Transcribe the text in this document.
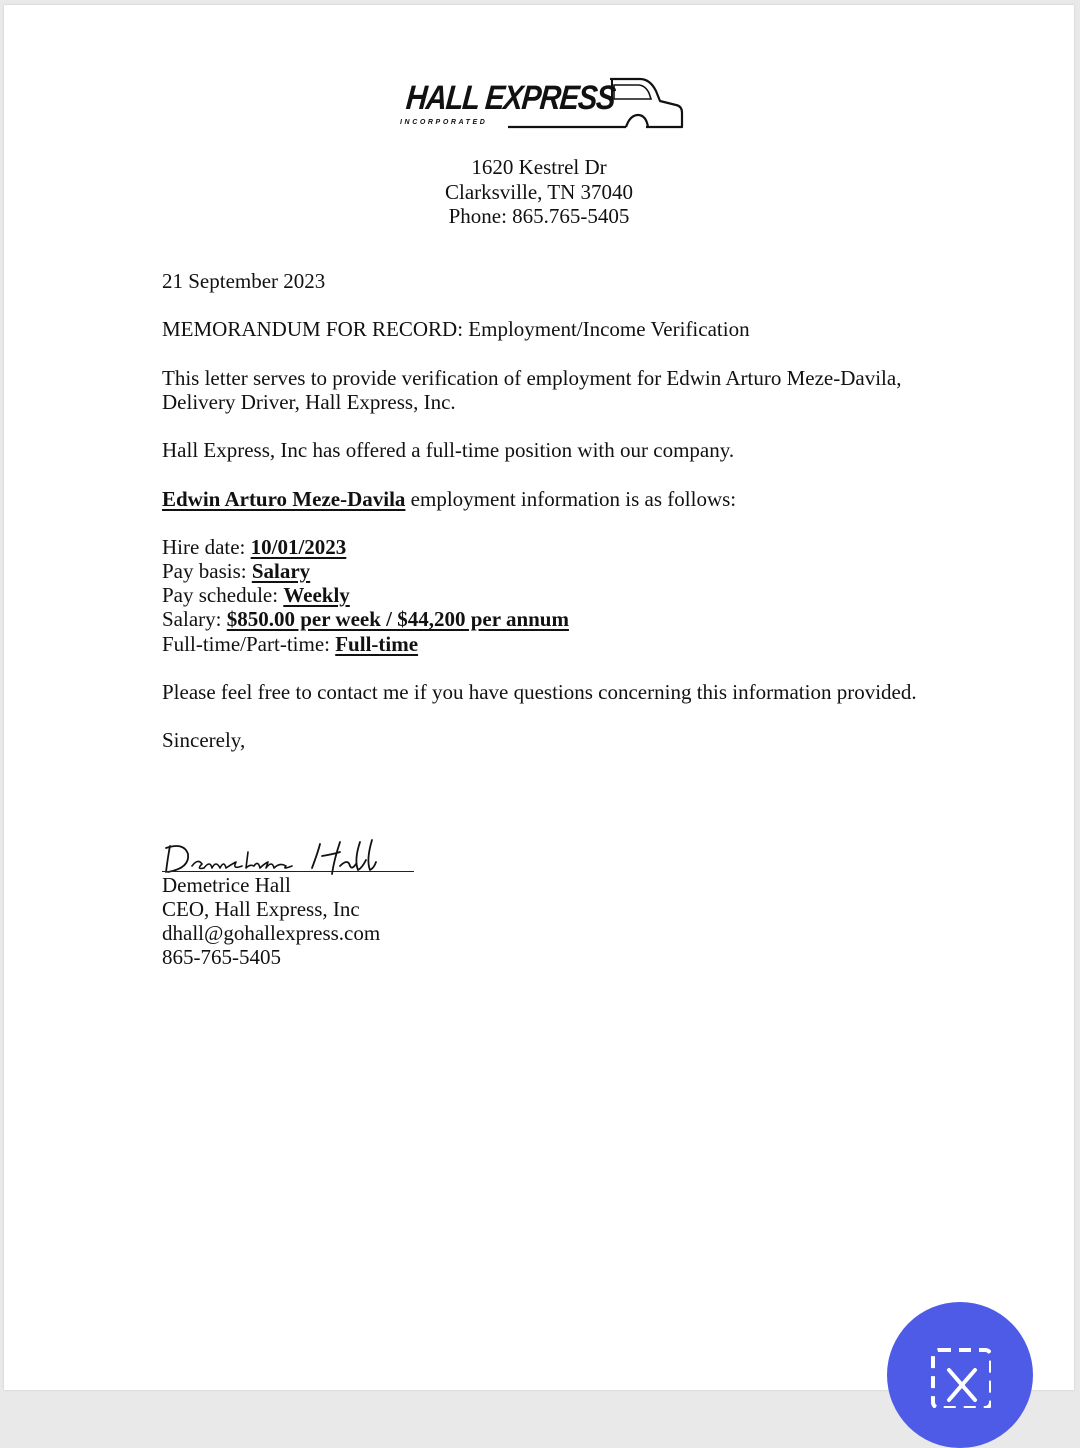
HALL EXPRESS
INCORPORATED
1620 Kestrel Dr
Clarksville, TN 37040
Phone: 865.765-5405
21 September 2023
MEMORANDUM FOR RECORD: Employment/Income Verification
This letter serves to provide verification of employment for Edwin Arturo Meze-Davila,
Delivery Driver, Hall Express, Inc.
Hall Express, Inc has offered a full-time position with our company.
Edwin Arturo Meze-Davila employment information is as follows:
Hire date: 10/01/2023
Pay basis: Salary
Pay schedule: Weekly
Salary: $850.00 per week / $44,200 per annum
Full-time/Part-time: Full-time
Please feel free to contact me if you have questions concerning this information provided.
Sincerely,
Demetrice Hall
CEO, Hall Express, Inc
dhall@gohallexpress.com
865-765-5405
